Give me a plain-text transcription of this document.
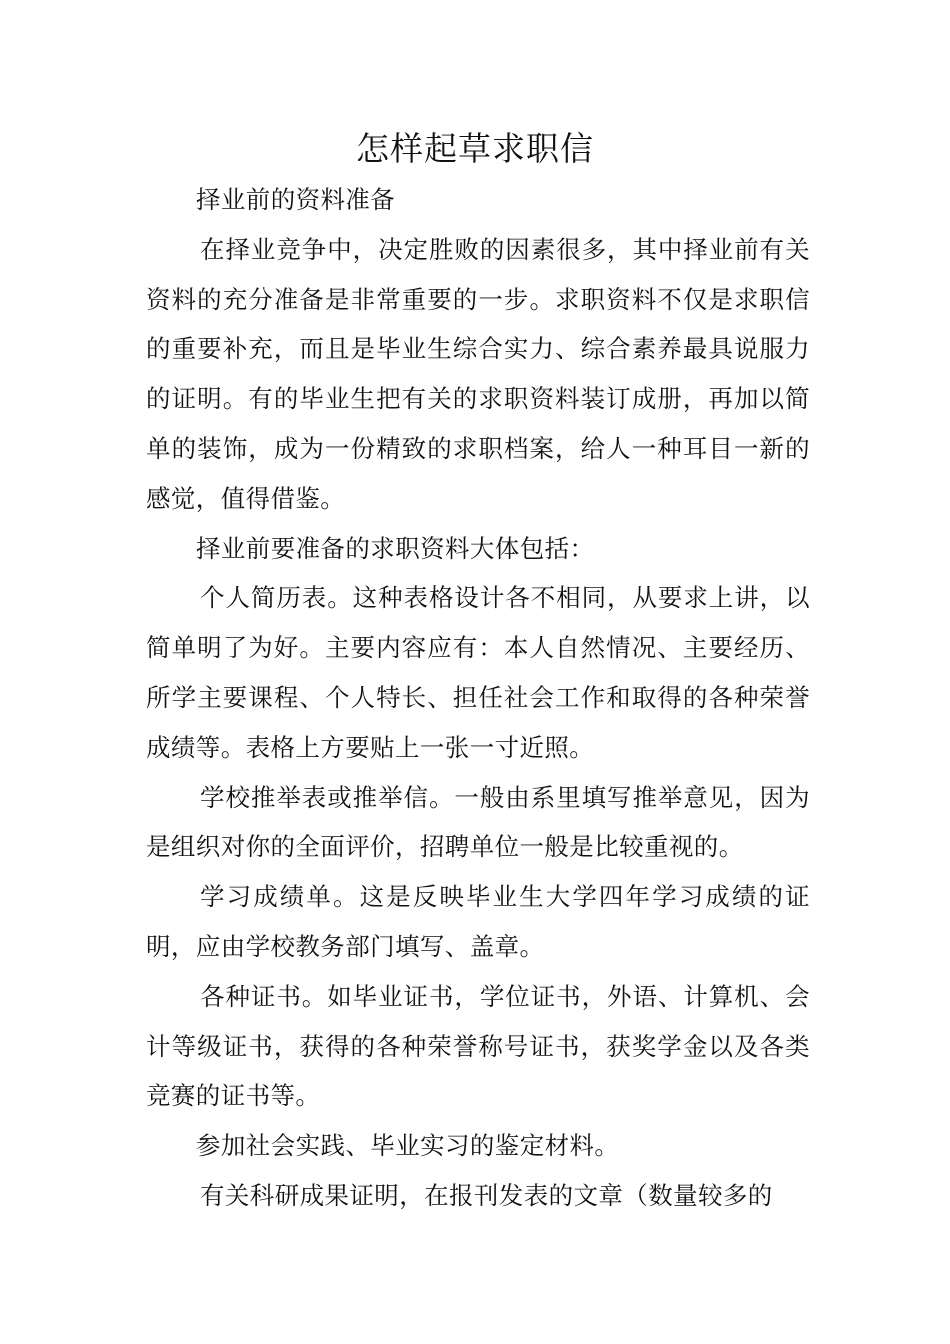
怎样起草求职信

择业前的资料准备

在择业竞争中，决定胜败的因素很多，其中择业前有关资料的充分准备是非常重要的一步。求职资料不仅是求职信的重要补充，而且是毕业生综合实力、综合素养最具说服力的证明。有的毕业生把有关的求职资料装订成册，再加以简单的装饰，成为一份精致的求职档案，给人一种耳目一新的感觉，值得借鉴。

择业前要准备的求职资料大体包括：

个人简历表。这种表格设计各不相同，从要求上讲，以简单明了为好。主要内容应有：本人自然情况、主要经历、所学主要课程、个人特长、担任社会工作和取得的各种荣誉成绩等。表格上方要贴上一张一寸近照。

学校推举表或推举信。一般由系里填写推举意见，因为是组织对你的全面评价，招聘单位一般是比较重视的。

学习成绩单。这是反映毕业生大学四年学习成绩的证明，应由学校教务部门填写、盖章。

各种证书。如毕业证书，学位证书，外语、计算机、会计等级证书，获得的各种荣誉称号证书，获奖学金以及各类竞赛的证书等。

参加社会实践、毕业实习的鉴定材料。

有关科研成果证明，在报刊发表的文章（数量较多的
